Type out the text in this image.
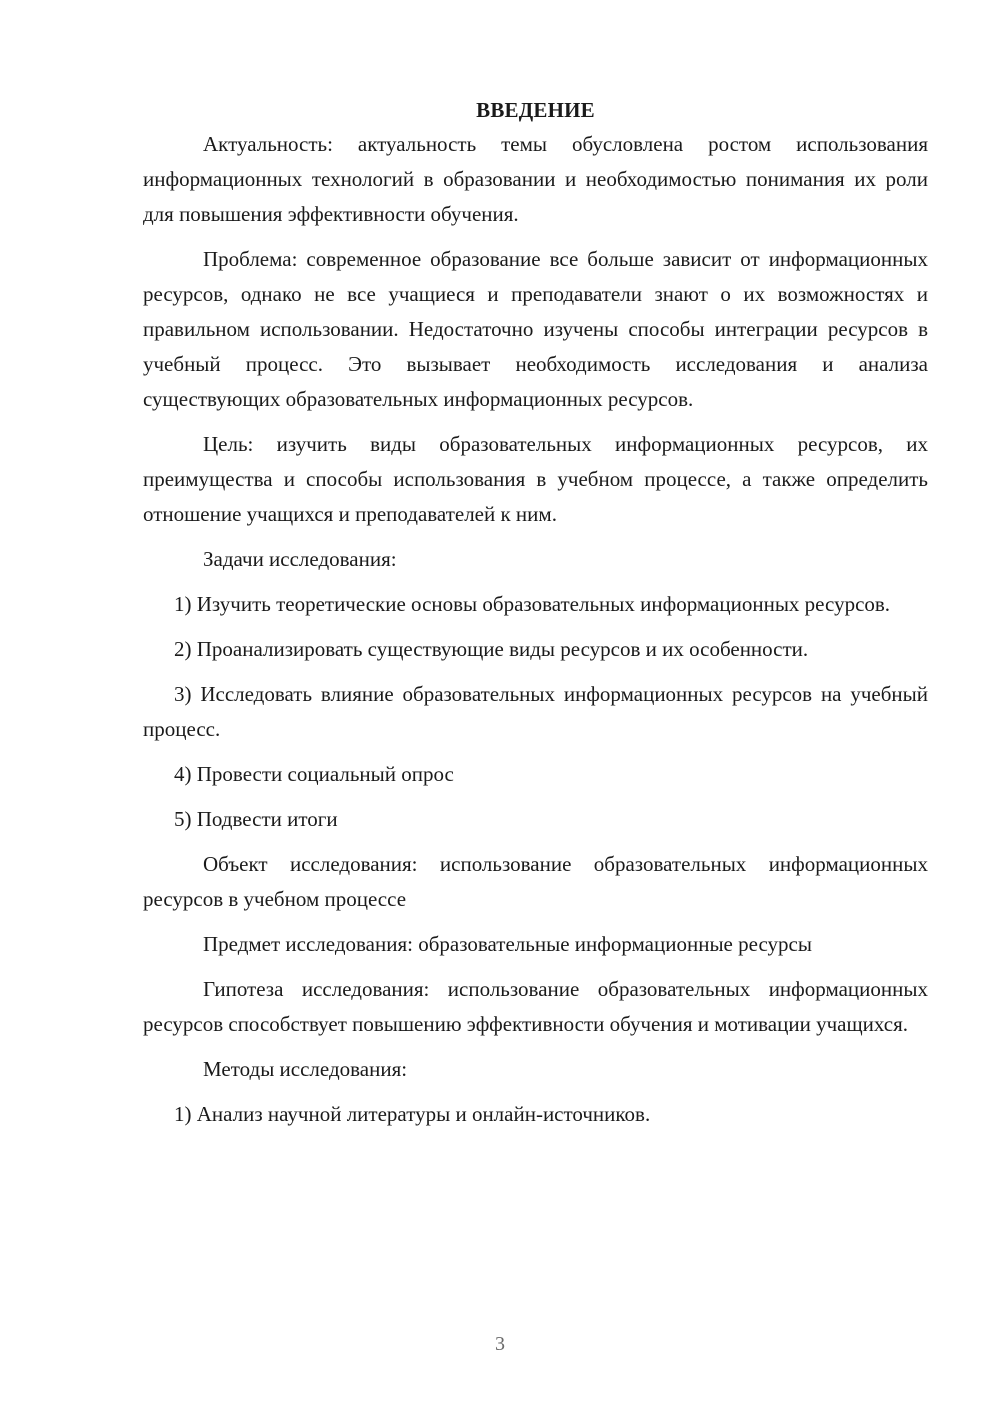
ВВЕДЕНИЕ

Актуальность: актуальность темы обусловлена ростом использования информационных технологий в образовании и необходимостью понимания их роли для повышения эффективности обучения.

Проблема: современное образование все больше зависит от информационных ресурсов, однако не все учащиеся и преподаватели знают о их возможностях и правильном использовании. Недостаточно изучены способы интеграции ресурсов в учебный процесс. Это вызывает необходимость исследования и анализа существующих образовательных информационных ресурсов.

Цель: изучить виды образовательных информационных ресурсов, их преимущества и способы использования в учебном процессе, а также определить отношение учащихся и преподавателей к ним.

Задачи исследования:

1) Изучить теоретические основы образовательных информационных ресурсов.

2) Проанализировать существующие виды ресурсов и их особенности.

3) Исследовать влияние образовательных информационных ресурсов на учебный процесс.

4) Провести социальный опрос

5) Подвести итоги

Объект исследования: использование образовательных информационных ресурсов в учебном процессе

Предмет исследования: образовательные информационные ресурсы

Гипотеза исследования: использование образовательных информационных ресурсов способствует повышению эффективности обучения и мотивации учащихся.

Методы исследования:

1) Анализ научной литературы и онлайн-источников.

3
